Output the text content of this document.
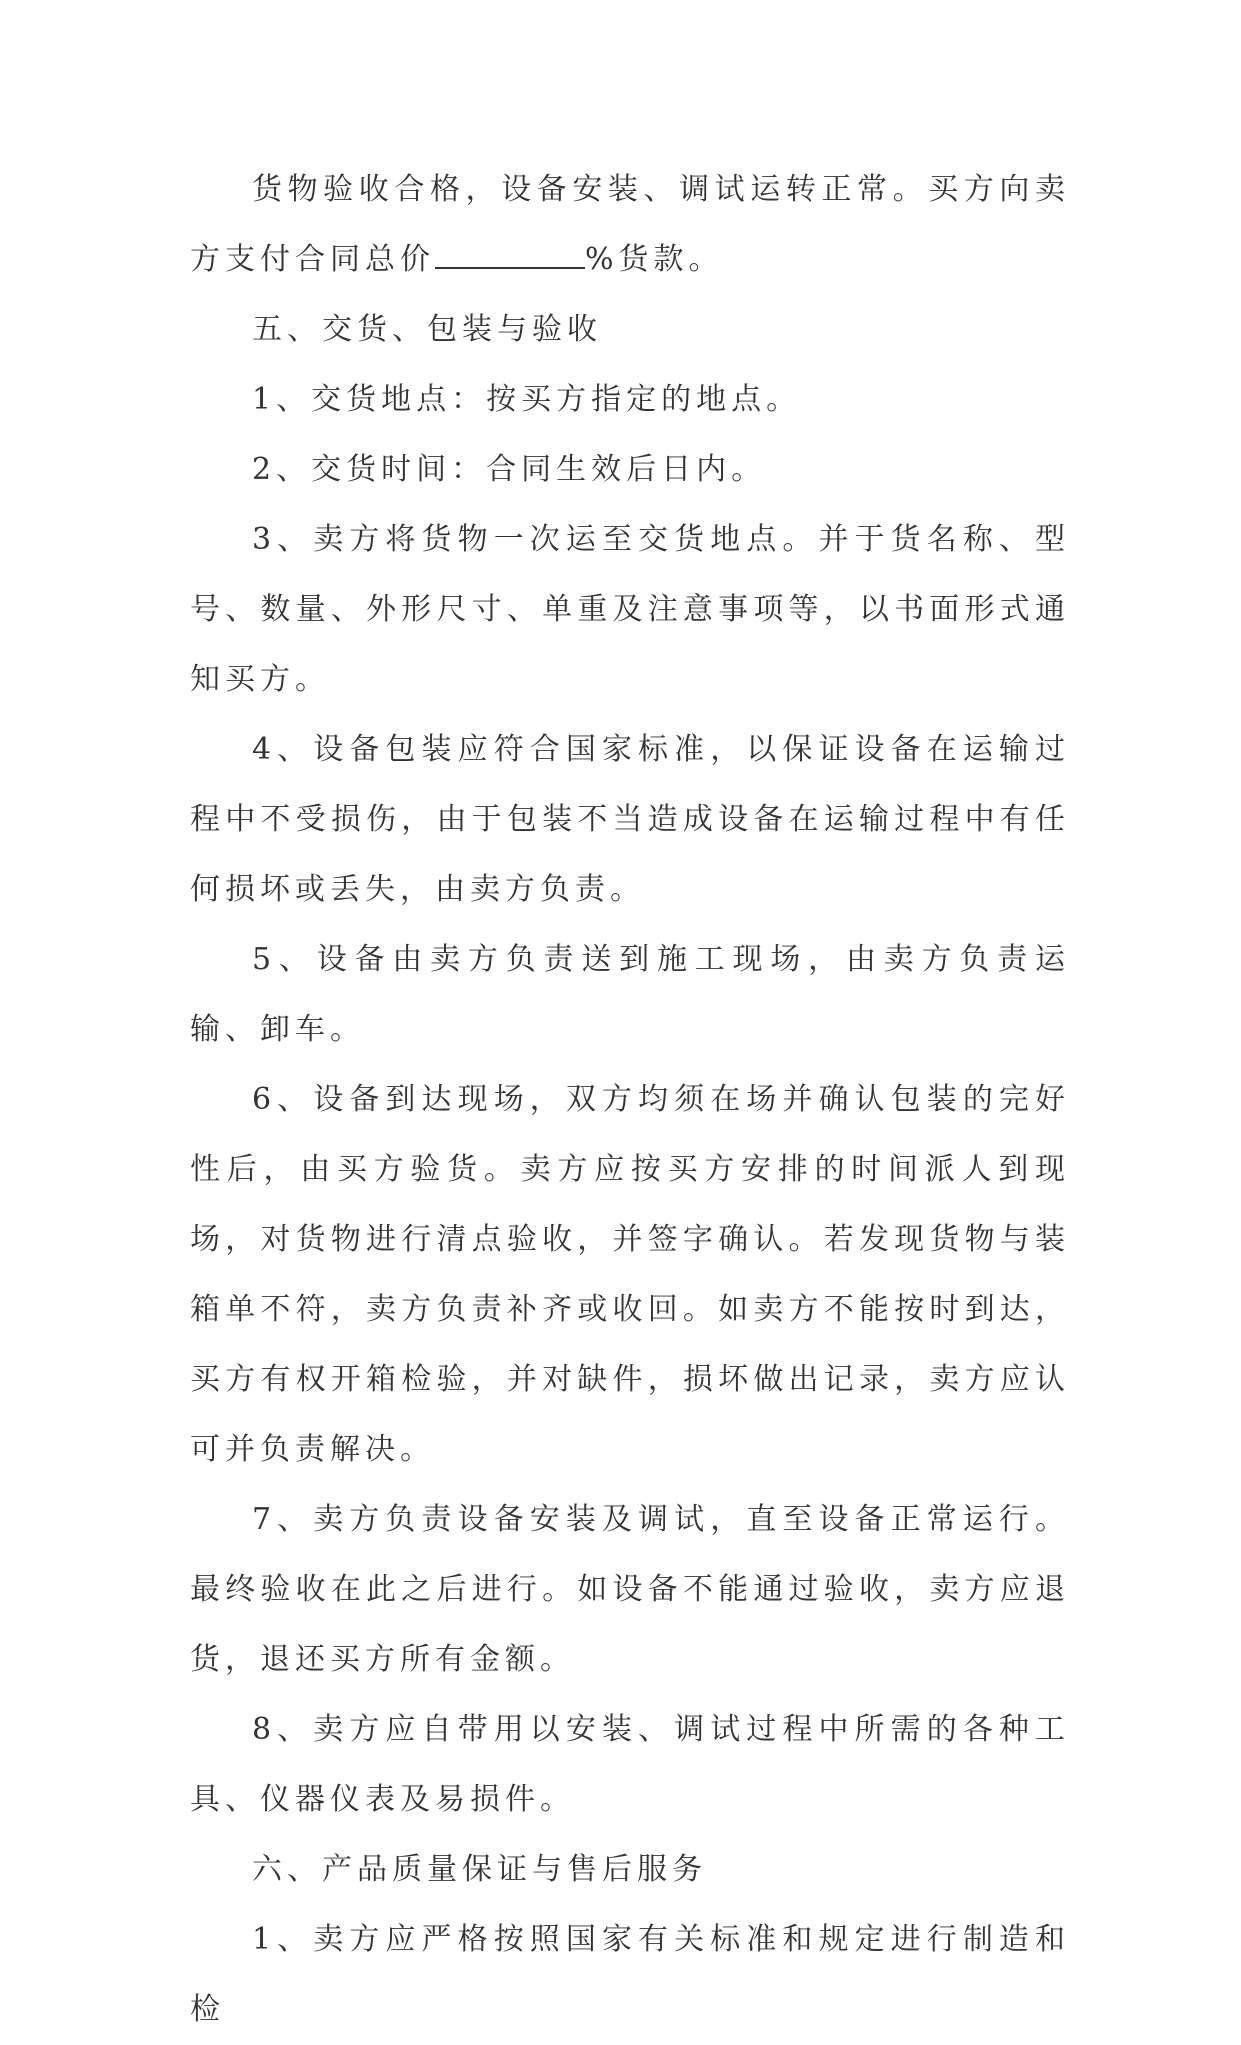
货物验收合格，设备安装、调试运转正常。买方向卖方支付合同总价	%货款。

五、交货、包装与验收

1、交货地点：按买方指定的地点。

2、交货时间：合同生效后日内。

3、卖方将货物一次运至交货地点。并于货名称、型号、数量、外形尺寸、单重及注意事项等，以书面形式通知买方。

4、设备包装应符合国家标准，以保证设备在运输过程中不受损伤，由于包装不当造成设备在运输过程中有任何损坏或丢失，由卖方负责。

5、设备由卖方负责送到施工现场，由卖方负责运输、卸车。

6、设备到达现场，双方均须在场并确认包装的完好性后，由买方验货。卖方应按买方安排的时间派人到现场，对货物进行清点验收，并签字确认。若发现货物与装箱单不符，卖方负责补齐或收回。如卖方不能按时到达，买方有权开箱检验，并对缺件，损坏做出记录，卖方应认可并负责解决。

7、卖方负责设备安装及调试，直至设备正常运行。最终验收在此之后进行。如设备不能通过验收，卖方应退货，退还买方所有金额。

8、卖方应自带用以安装、调试过程中所需的各种工具、仪器仪表及易损件。

六、产品质量保证与售后服务

1、卖方应严格按照国家有关标准和规定进行制造和检
